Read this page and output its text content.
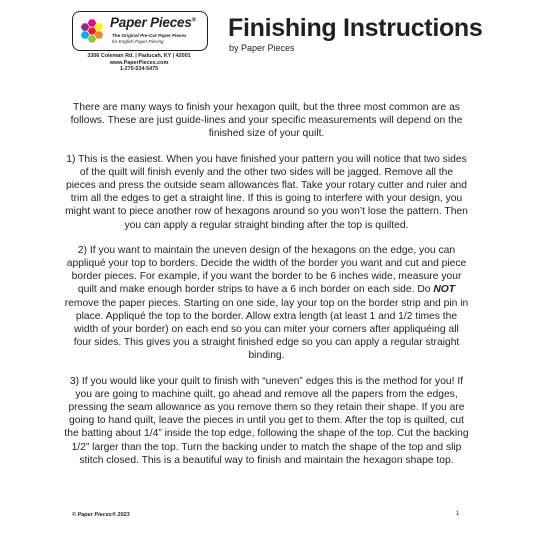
Paper Pieces®
The Original Pre-Cut Paper Pieces
for English Paper Piecing
3306 Coleman Rd. | Paducah, KY | 42001
www.PaperPieces.com
1-270-534-5475
Finishing Instructions
by Paper Pieces

There are many ways to finish your hexagon quilt, but the three most common are as follows. These are just guide-lines and your specific measurements will depend on the finished size of your quilt.

1) This is the easiest. When you have finished your pattern you will notice that two sides of the quilt will finish evenly and the other two sides will be jagged. Remove all the pieces and press the outside seam allowances flat. Take your rotary cutter and ruler and trim all the edges to get a straight line. If this is going to interfere with your design, you might want to piece another row of hexagons around so you won’t lose the pattern. Then you can apply a regular straight binding after the top is quilted.

2) If you want to maintain the uneven design of the hexagons on the edge, you can appliqué your top to borders. Decide the width of the border you want and cut and piece border pieces. For example, if you want the border to be 6 inches wide, measure your quilt and make enough border strips to have a 6 inch border on each side. Do NOT remove the paper pieces. Starting on one side, lay your top on the border strip and pin in place. Appliqué the top to the border. Allow extra length (at least 1 and 1/2 times the width of your border) on each end so you can miter your corners after appliquéing all four sides. This gives you a straight finished edge so you can apply a regular straight binding.

3) If you would like your quilt to finish with “uneven” edges this is the method for you! If you are going to machine quilt, go ahead and remove all the papers from the edges, pressing the seam allowance as you remove them so they retain their shape. If you are going to hand quilt, leave the pieces in until you get to them. After the top is quilted, cut the batting about 1/4” inside the top edge, following the shape of the top. Cut the backing 1/2” larger than the top. Turn the backing under to match the shape of the top and slip stitch closed. This is a beautiful way to finish and maintain the hexagon shape top.

© Paper Pieces® 2023	1
